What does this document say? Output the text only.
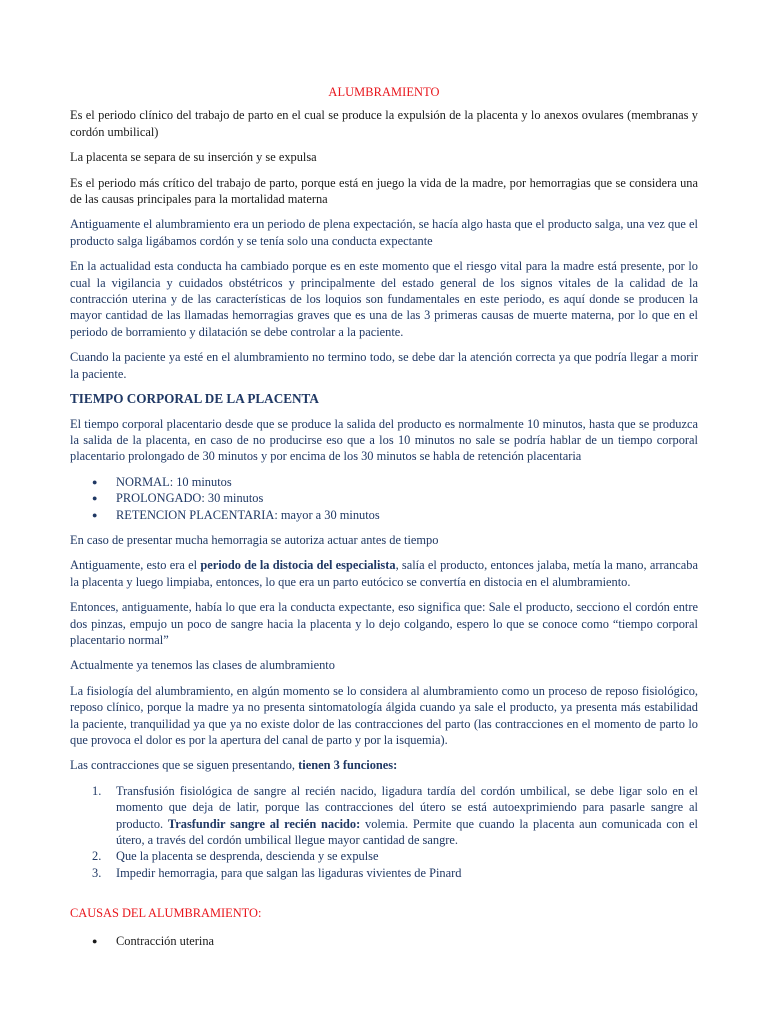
ALUMBRAMIENTO

Es el periodo clínico del trabajo de parto en el cual se produce la expulsión de la placenta y lo anexos ovulares (membranas y cordón umbilical)

La placenta se separa de su inserción y se expulsa

Es el periodo más crítico del trabajo de parto, porque está en juego la vida de la madre, por hemorragias que se considera una de las causas principales para la mortalidad materna

Antiguamente el alumbramiento era un periodo de plena expectación, se hacía algo hasta que el producto salga, una vez que el producto salga ligábamos cordón y se tenía solo una conducta expectante

En la actualidad esta conducta ha cambiado porque es en este momento que el riesgo vital para la madre está presente, por lo cual la vigilancia y cuidados obstétricos y principalmente del estado general de los signos vitales de la calidad de la contracción uterina y de las características de los loquios son fundamentales en este periodo, es aquí donde se producen la mayor cantidad de las llamadas hemorragias graves que es una de las 3 primeras causas de muerte materna, por lo que en el periodo de borramiento y dilatación se debe controlar a la paciente.

Cuando la paciente ya esté en el alumbramiento no termino todo, se debe dar la atención correcta ya que podría llegar a morir la paciente.

TIEMPO CORPORAL DE LA PLACENTA

El tiempo corporal placentario desde que se produce la salida del producto es normalmente 10 minutos, hasta que se produzca la salida de la placenta, en caso de no producirse eso que a los 10 minutos no sale se podría hablar de un tiempo corporal placentario prolongado de 30 minutos y por encima de los 30 minutos se habla de retención placentaria

● NORMAL: 10 minutos
● PROLONGADO: 30 minutos
● RETENCION PLACENTARIA: mayor a 30 minutos

En caso de presentar mucha hemorragia se autoriza actuar antes de tiempo

Antiguamente, esto era el periodo de la distocia del especialista, salía el producto, entonces jalaba, metía la mano, arrancaba la placenta y luego limpiaba, entonces, lo que era un parto eutócico se convertía en distocia en el alumbramiento.

Entonces, antiguamente, había lo que era la conducta expectante, eso significa que: Sale el producto, secciono el cordón entre dos pinzas, empujo un poco de sangre hacia la placenta y lo dejo colgando, espero lo que se conoce como “tiempo corporal placentario normal”

Actualmente ya tenemos las clases de alumbramiento

La fisiología del alumbramiento, en algún momento se lo considera al alumbramiento como un proceso de reposo fisiológico, reposo clínico, porque la madre ya no presenta sintomatología álgida cuando ya sale el producto, ya presenta más estabilidad la paciente, tranquilidad ya que ya no existe dolor de las contracciones del parto (las contracciones en el momento de parto lo que provoca el dolor es por la apertura del canal de parto y por la isquemia).

Las contracciones que se siguen presentando, tienen 3 funciones:

1. Transfusión fisiológica de sangre al recién nacido, ligadura tardía del cordón umbilical, se debe ligar solo en el momento que deja de latir, porque las contracciones del útero se está autoexprimiendo para pasarle sangre al producto. Trasfundir sangre al recién nacido: volemia. Permite que cuando la placenta aun comunicada con el útero, a través del cordón umbilical llegue mayor cantidad de sangre.
2. Que la placenta se desprenda, descienda y se expulse
3. Impedir hemorragia, para que salgan las ligaduras vivientes de Pinard

CAUSAS DEL ALUMBRAMIENTO:

● Contracción uterina
